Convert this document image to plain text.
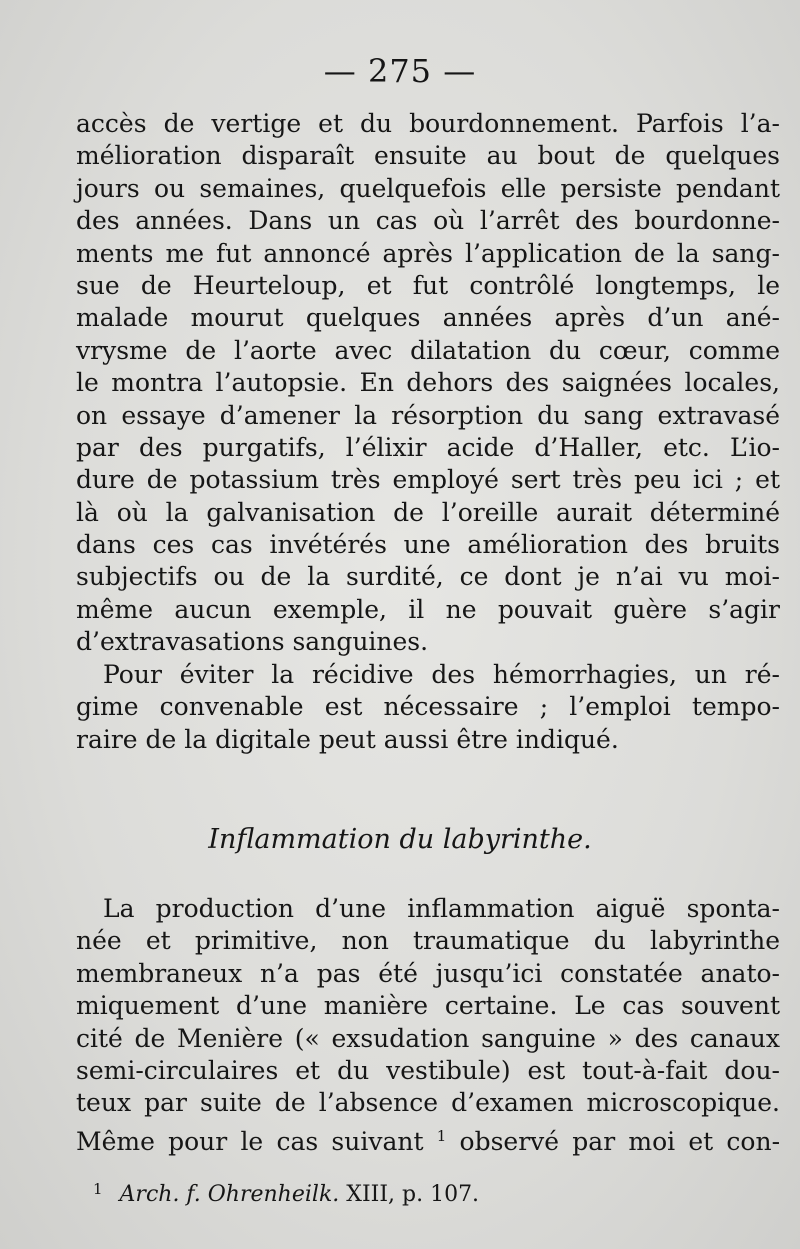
— 275 —
accès de vertige et du bourdonnement. Parfois l’a-
mélioration disparaît ensuite au bout de quelques
jours ou semaines, quelquefois elle persiste pendant
des années. Dans un cas où l’arrêt des bourdonne-
ments me fut annoncé après l’application de la sang-
sue de Heurteloup, et fut contrôlé longtemps, le
malade mourut quelques années après d’un ané-
vrysme de l’aorte avec dilatation du cœur, comme
le montra l’autopsie. En dehors des saignées locales,
on essaye d’amener la résorption du sang extravasé
par des purgatifs, l’élixir acide d’Haller, etc. L’io-
dure de potassium très employé sert très peu ici ; et
là où la galvanisation de l’oreille aurait déterminé
dans ces cas invétérés une amélioration des bruits
subjectifs ou de la surdité, ce dont je n’ai vu moi-
même aucun exemple, il ne pouvait guère s’agir
d’extravasations sanguines.
Pour éviter la récidive des hémorrhagies, un ré-
gime convenable est nécessaire ; l’emploi tempo-
raire de la digitale peut aussi être indiqué.
Inflammation du labyrinthe.
La production d’une inflammation aiguë sponta-
née et primitive, non traumatique du labyrinthe
membraneux n’a pas été jusqu’ici constatée anato-
miquement d’une manière certaine. Le cas souvent
cité de Menière (« exsudation sanguine » des canaux
semi-circulaires et du vestibule) est tout-à-fait dou-
teux par suite de l’absence d’examen microscopique.
Même pour le cas suivant $^1$ observé par moi et con-
$^1$ Arch. f. Ohrenheilk. XIII, p. 107.
